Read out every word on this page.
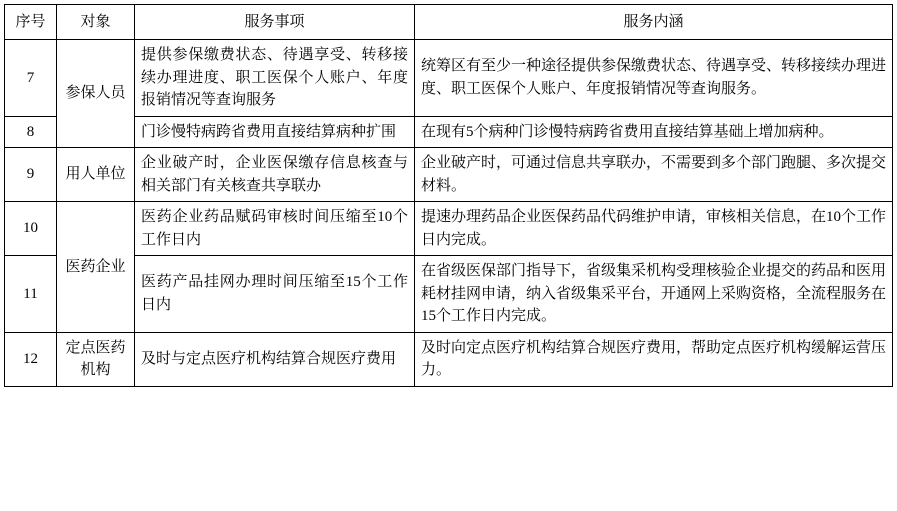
序号	对象	服务事项	服务内涵
7	参保人员	提供参保缴费状态、待遇享受、转移接续办理进度、职工医保个人账户、年度报销情况等查询服务	统筹区有至少一种途径提供参保缴费状态、待遇享受、转移接续办理进度、职工医保个人账户、年度报销情况等查询服务。

8		门诊慢特病跨省费用直接结算病种扩围	在现有5个病种门诊慢特病跨省费用直接结算基础上增加病种。

9	用人单位	企业破产时，企业医保缴存信息核查与相关部门有关核查共享联办	企业破产时，可通过信息共享联办，不需要到多个部门跑腿、多次提交材料。

10	医药企业	医药企业药品赋码审核时间压缩至10个工作日内	提速办理药品企业医保药品代码维护申请，审核相关信息，在10个工作日内完成。

11		医药产品挂网办理时间压缩至15个工作日内	在省级医保部门指导下，省级集采机构受理核验企业提交的药品和医用耗材挂网申请，纳入省级集采平台，开通网上采购资格，全流程服务在15个工作日内完成。

12	定点医药机构	及时与定点医疗机构结算合规医疗费用	及时向定点医疗机构结算合规医疗费用，帮助定点医疗机构缓解运营压力。
